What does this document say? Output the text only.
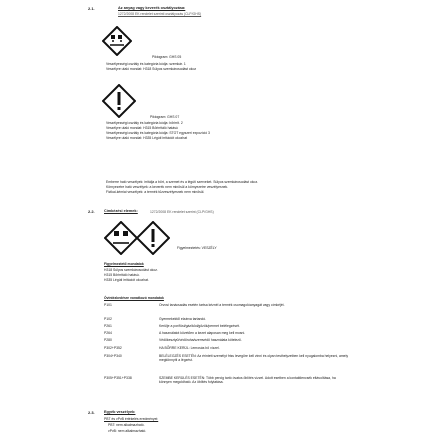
2.1.	Az anyag vagy keverék osztályozása:
1272/2008 EK rendelet szerinti osztályozás (CLP/GHS)
Piktogram: GHS 05
Veszélyességi osztály és kategória kódja: szemkár. 1
Veszélyre utaló mondat: H318 Súlyos szemkárosodást okoz
Piktogram: GHS 07
Veszélyességi osztály és kategória kódja: bőrirrit. 2
Veszélyre utaló mondat: H315 Bőrirritáló hatású
Veszélyességi osztály és kategória kódja: STOT egyszeri expozíció 3
Veszélyre utaló mondat: H335 Légúti irritációt okozhat
Emberre ható veszélyek: irritálja a bőrt, a szemet és a légúti szerveket. Súlyos szemkárosodást okoz.
Környezetre ható veszélyek: a keverék nem minősül a környezetre veszélyesnek.
Fizikai-kémiai veszélyek: a termék tűzveszélyesnek nem minősül.
2.2. Címkézési elemek:	1272/2008 EK rendelet szerint (CLP/GHS)
Figyelmeztetés: VESZÉLY
Figyelmeztető mondatok
H318 Súlyos szemkárosodást okoz.
H315 Bőrirritáló hatású.
H335 Légúti irritációt okozhat.
Óvintézkedésre vonatkozó mondatok
P101	Orvosi tanácsadás esetén tartsa kéznél a termék csomagolóanyagát vagy címkéjét.
P102	Gyermekektől elzárva tartandó.
P261	Kerülje a por/füst/gáz/köd/gőzök/permet belélegzését.
P264	A használatot követően a kezet alaposan meg kell mosni.
P280	Védőkesztyű/védőruha/szemvédő használata kötelező.
P302+P352	HA BŐRRE KERÜL: Lemosás bő vízzel.
P304+P340	BELÉLEGZÉS ESETÉN: Az érintett személyt friss levegőre kell vinni és olyan testhelyzetben kell nyugalomba helyezni, amely megkönnyíti a légzést.
P305+P351+P338	SZEMBE KERÜLÉS ESETÉN: Több percig tartó óvatos öblítés vízzel. Adott esetben a kontaktlencsék eltávolítása, ha könnyen megoldható. Az öblítés folytatása.
2.3. Egyéb veszélyek:
PBT és vPvB értékelés eredményei:
PBT: nem alkalmazható.
vPvB: nem alkalmazható.
